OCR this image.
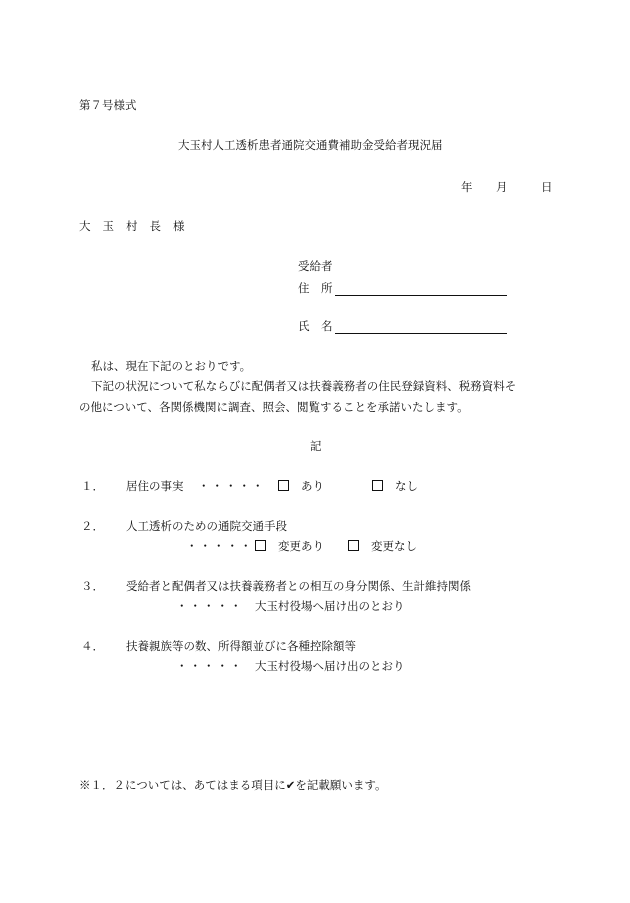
第７号様式
大玉村人工透析患者通院交通費補助金受給者現況届
年 月	日
大玉村長様
受給者
住　所
氏　名
私は、現在下記のとおりです。
下記の状況について私ならびに配偶者又は扶養義務者の住民登録資料、税務資料そ
の他について、各関係機関に調査、照会、閲覧することを承諾いたします。
記
１． 居住の事実 ・・・・・	あり	なし
２． 人工透析のための通院交通手段
・・・・・	変更あり	変更なし
３． 受給者と配偶者又は扶養義務者との相互の身分関係、生計維持関係
・・・・・ 大玉村役場へ届け出のとおり
４． 扶養親族等の数、所得額並びに各種控除額等
・・・・・ 大玉村役場へ届け出のとおり
※１．２については、あてはまる項目に✔を記載願います。
